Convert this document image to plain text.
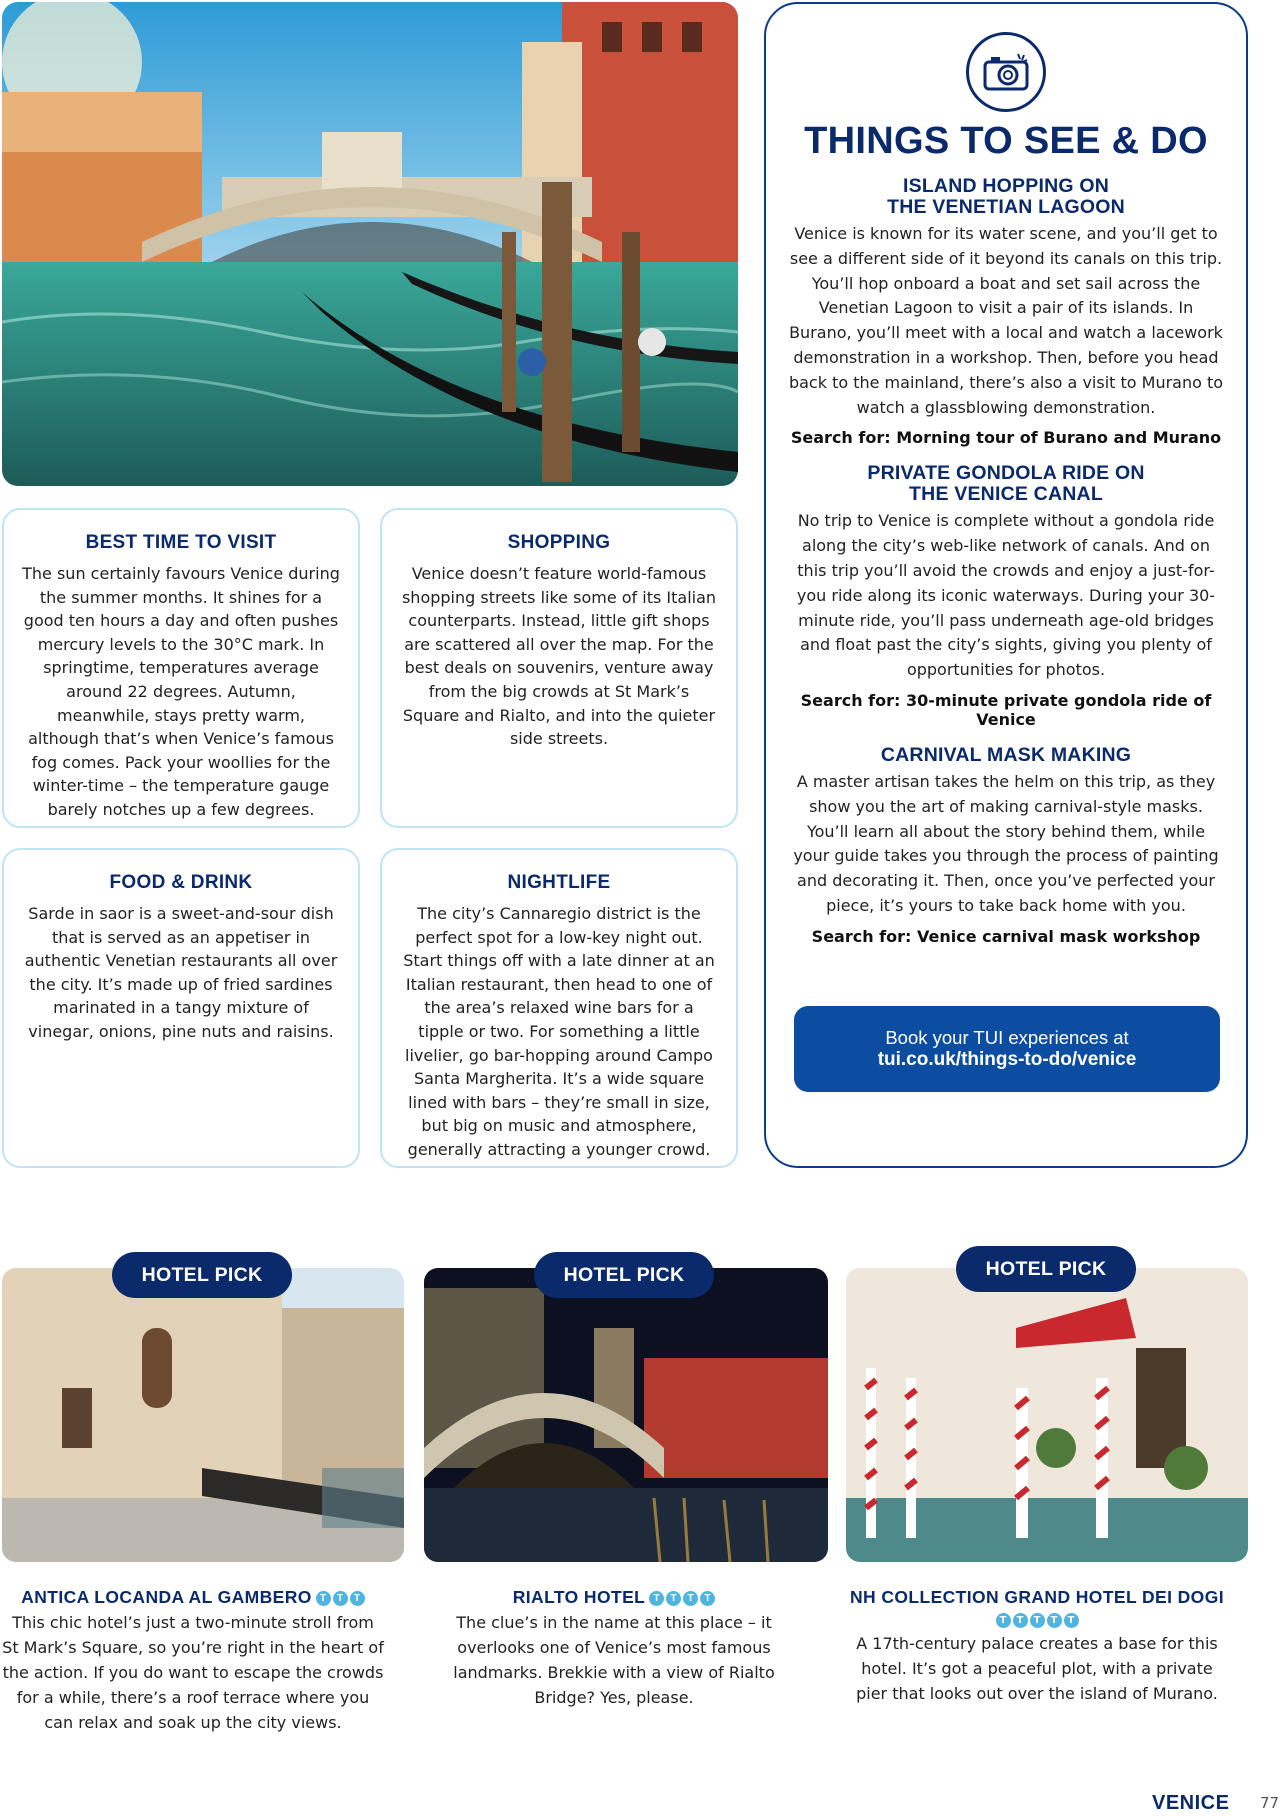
BEST TIME TO VISIT

The sun certainly favours Venice during the summer months. It shines for a good ten hours a day and often pushes mercury levels to the 30°C mark. In springtime, temperatures average around 22 degrees. Autumn, meanwhile, stays pretty warm, although that’s when Venice’s famous fog comes. Pack your woollies for the winter-time – the temperature gauge barely notches up a few degrees.

SHOPPING

Venice doesn’t feature world-famous shopping streets like some of its Italian counterparts. Instead, little gift shops are scattered all over the map. For the best deals on souvenirs, venture away from the big crowds at St Mark’s Square and Rialto, and into the quieter side streets.

FOOD & DRINK

Sarde in saor is a sweet-and-sour dish that is served as an appetiser in authentic Venetian restaurants all over the city. It’s made up of fried sardines marinated in a tangy mixture of vinegar, onions, pine nuts and raisins.

NIGHTLIFE

The city’s Cannaregio district is the perfect spot for a low-key night out. Start things off with a late dinner at an Italian restaurant, then head to one of the area’s relaxed wine bars for a tipple or two. For something a little livelier, go bar-hopping around Campo Santa Margherita. It’s a wide square lined with bars – they’re small in size, but big on music and atmosphere, generally attracting a younger crowd.

THINGS TO SEE & DO
ISLAND HOPPING ON
THE VENETIAN LAGOON

Venice is known for its water scene, and you’ll get to see a different side of it beyond its canals on this trip. You’ll hop onboard a boat and set sail across the Venetian Lagoon to visit a pair of its islands. In Burano, you’ll meet with a local and watch a lacework demonstration in a workshop. Then, before you head back to the mainland, there’s also a visit to Murano to watch a glassblowing demonstration.

Search for: Morning tour of Burano and Murano

PRIVATE GONDOLA RIDE ON
THE VENICE CANAL

No trip to Venice is complete without a gondola ride along the city’s web-like network of canals. And on this trip you’ll avoid the crowds and enjoy a just-for-you ride along its iconic waterways. During your 30-minute ride, you’ll pass underneath age-old bridges and float past the city’s sights, giving you plenty of opportunities for photos.

Search for: 30-minute private gondola ride of Venice

CARNIVAL MASK MAKING

A master artisan takes the helm on this trip, as they show you the art of making carnival-style masks. You’ll learn all about the story behind them, while your guide takes you through the process of painting and decorating it. Then, once you’ve perfected your piece, it’s yours to take back home with you.

Search for: Venice carnival mask workshop

Book your TUI experiences at
tui.co.uk/things-to-do/venice
HOTEL PICK	HOTEL PICK	HOTEL PICK
ANTICA LOCANDA AL GAMBERO T	T	T

This chic hotel’s just a two-minute stroll from St Mark’s Square, so you’re right in the heart of the action. If you do want to escape the crowds for a while, there’s a roof terrace where you can relax and soak up the city views.

RIALTO HOTEL T	T	T	T

The clue’s in the name at this place – it overlooks one of Venice’s most famous landmarks. Brekkie with a view of Rialto Bridge? Yes, please.

NH COLLECTION GRAND HOTEL DEI DOGI
T	T	T	T	T

A 17th-century palace creates a base for this hotel. It’s got a peaceful plot, with a private pier that looks out over the island of Murano.

VENICE 77
